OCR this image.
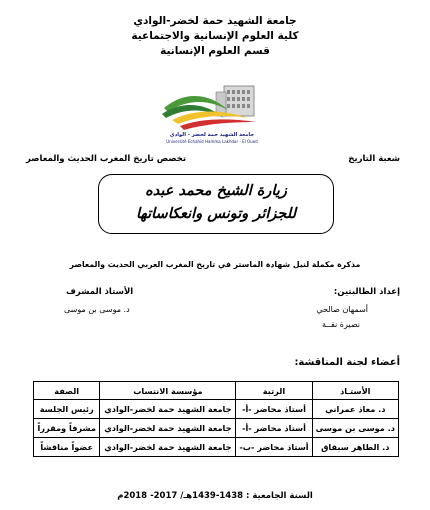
جامعة الشهيد حمة لخضر-الوادي
كلية العلوم الإنسانية والاجتماعية
قسم العلوم الإنسانية
جامعة الشهيد حمة لخضر - الوادي
Université Echahid Hamma Lakhdar - El Oued
شعبة التاريخ
تخصص تاريخ المغرب الحديث والمعاصر
زيارة الشيخ محمد عبده
للجزائر وتونس وانعكاساتها
مذكرة مكملة لنيل شهادة الماستر في تاريخ المغرب العربي الحديث والمعاصر
إعداد الطالبتين:
الأستاذ المشرف
أسمهان صالحي
د. موسى بن موسى
نصيرة نقــة
أعضاء لجنة المناقشة:
الأستـاذ	الرتبة	مؤسسة الانتساب	الصفة
د. معاذ عمراني	أستاذ محاضر -أ-	جامعة الشهيد حمة لخضر-الوادي	رئيس الجلسة
د. موسى بن موسى	أستاذ محاضر -أ-	جامعة الشهيد حمة لخضر-الوادي	مشرفاً ومقرراً
د. الطاهر سبقاق	أستاذ محاضر -ب-	جامعة الشهيد حمة لخضر-الوادي	عضواً مناقشاً
السنة الجامعية : 1438-1439هـ/ 2017- 2018م
